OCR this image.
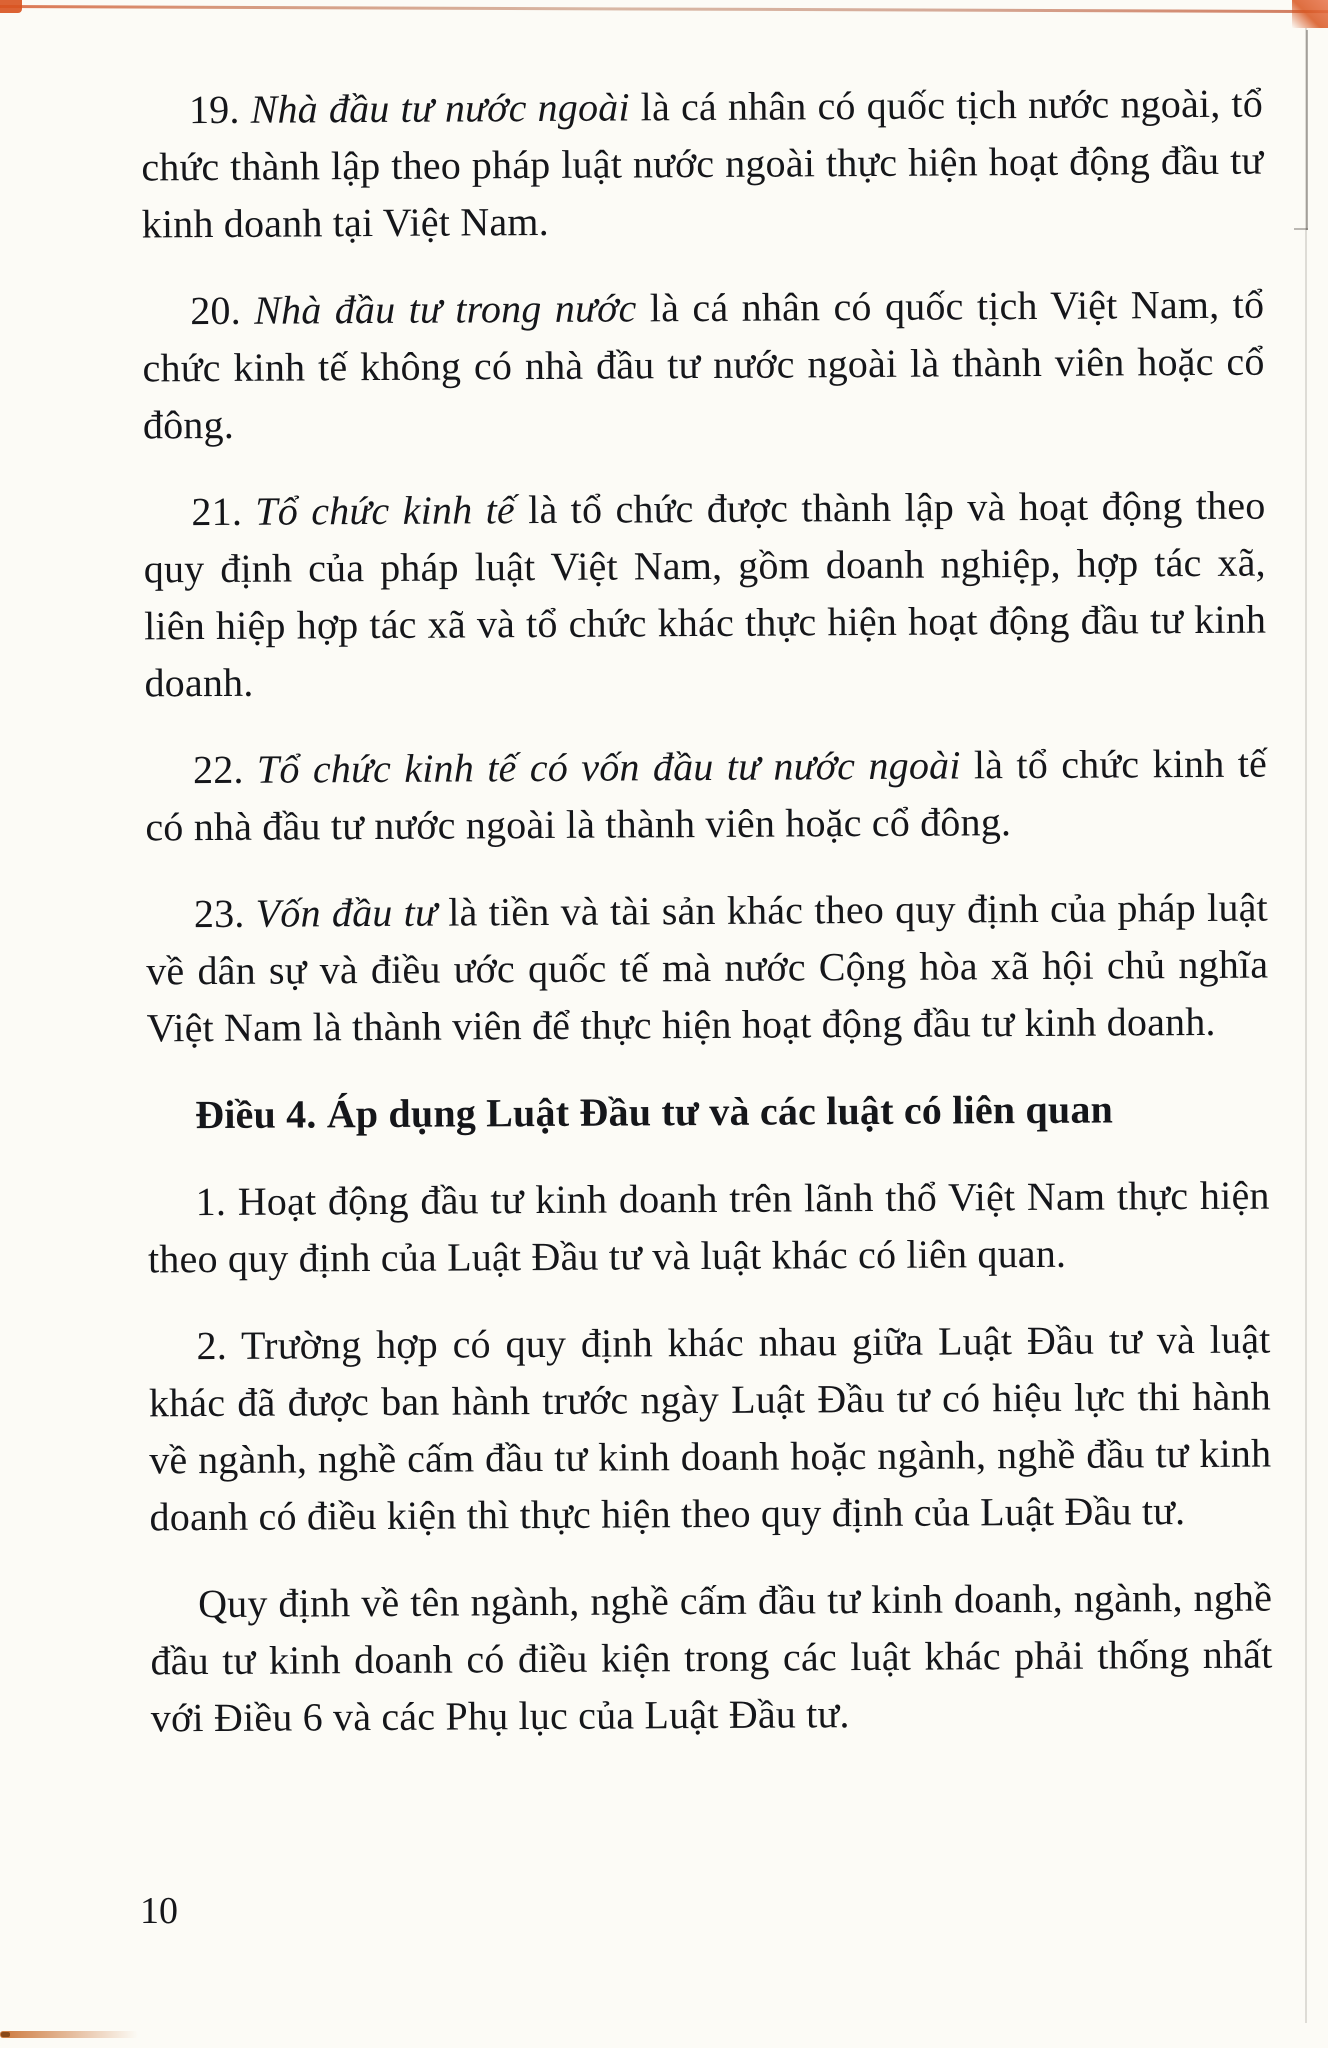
19. Nhà đầu tư nước ngoài là cá nhân có quốc tịch nước ngoài, tổ chức thành lập theo pháp luật nước ngoài thực hiện hoạt động đầu tư kinh doanh tại Việt Nam.

20. Nhà đầu tư trong nước là cá nhân có quốc tịch Việt Nam, tổ chức kinh tế không có nhà đầu tư nước ngoài là thành viên hoặc cổ đông.

21. Tổ chức kinh tế là tổ chức được thành lập và hoạt động theo quy định của pháp luật Việt Nam, gồm doanh nghiệp, hợp tác xã, liên hiệp hợp tác xã và tổ chức khác thực hiện hoạt động đầu tư kinh doanh.

22. Tổ chức kinh tế có vốn đầu tư nước ngoài là tổ chức kinh tế có nhà đầu tư nước ngoài là thành viên hoặc cổ đông.

23. Vốn đầu tư là tiền và tài sản khác theo quy định của pháp luật về dân sự và điều ước quốc tế mà nước Cộng hòa xã hội chủ nghĩa Việt Nam là thành viên để thực hiện hoạt động đầu tư kinh doanh.

Điều 4. Áp dụng Luật Đầu tư và các luật có liên quan

1. Hoạt động đầu tư kinh doanh trên lãnh thổ Việt Nam thực hiện theo quy định của Luật Đầu tư và luật khác có liên quan.

2. Trường hợp có quy định khác nhau giữa Luật Đầu tư và luật khác đã được ban hành trước ngày Luật Đầu tư có hiệu lực thi hành về ngành, nghề cấm đầu tư kinh doanh hoặc ngành, nghề đầu tư kinh doanh có điều kiện thì thực hiện theo quy định của Luật Đầu tư.

Quy định về tên ngành, nghề cấm đầu tư kinh doanh, ngành, nghề đầu tư kinh doanh có điều kiện trong các luật khác phải thống nhất với Điều 6 và các Phụ lục của Luật Đầu tư.

10
